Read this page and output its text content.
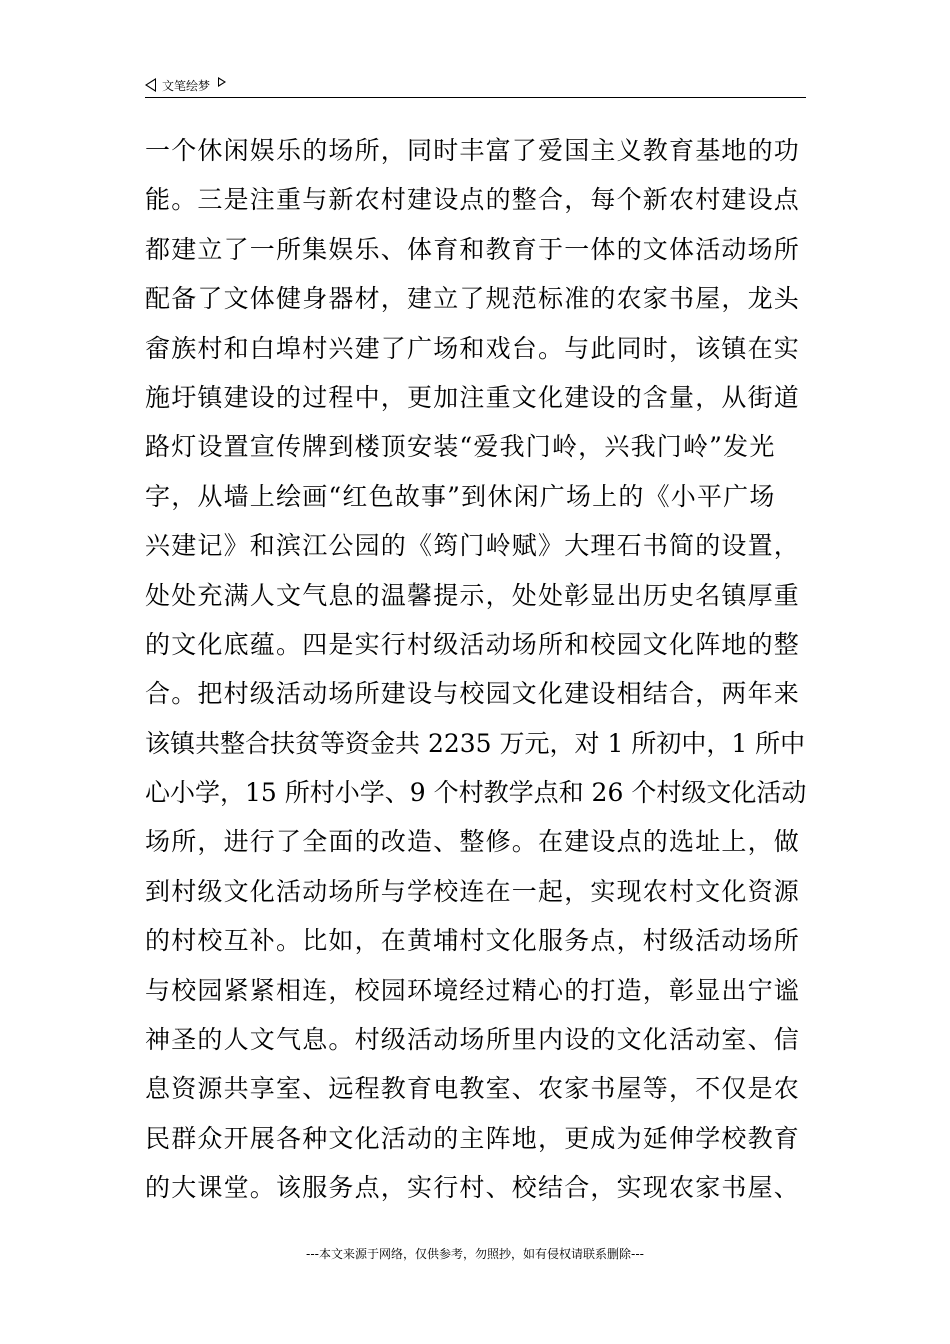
文笔绘梦
一个休闲娱乐的场所，同时丰富了爱国主义教育基地的功
能。三是注重与新农村建设点的整合，每个新农村建设点
都建立了一所集娱乐、体育和教育于一体的文体活动场所
配备了文体健身器材，建立了规范标准的农家书屋，龙头
畲族村和白埠村兴建了广场和戏台。与此同时，该镇在实
施圩镇建设的过程中，更加注重文化建设的含量，从街道
路灯设置宣传牌到楼顶安装“爱我门岭，兴我门岭”发光
字，从墙上绘画“红色故事”到休闲广场上的《小平广场
兴建记》和滨江公园的《筠门岭赋》大理石书简的设置，
处处充满人文气息的温馨提示，处处彰显出历史名镇厚重
的文化底蕴。四是实行村级活动场所和校园文化阵地的整
合。把村级活动场所建设与校园文化建设相结合，两年来
该镇共整合扶贫等资金共 2235 万元，对 1 所初中，1 所中
心小学，15 所村小学、9 个村教学点和 26 个村级文化活动
场所，进行了全面的改造、整修。在建设点的选址上，做
到村级文化活动场所与学校连在一起，实现农村文化资源
的村校互补。比如，在黄埔村文化服务点，村级活动场所
与校园紧紧相连，校园环境经过精心的打造，彰显出宁谧
神圣的人文气息。村级活动场所里内设的文化活动室、信
息资源共享室、远程教育电教室、农家书屋等，不仅是农
民群众开展各种文化活动的主阵地，更成为延伸学校教育
的大课堂。该服务点，实行村、校结合，实现农家书屋、
---本文来源于网络，仅供参考，勿照抄，如有侵权请联系删除---
